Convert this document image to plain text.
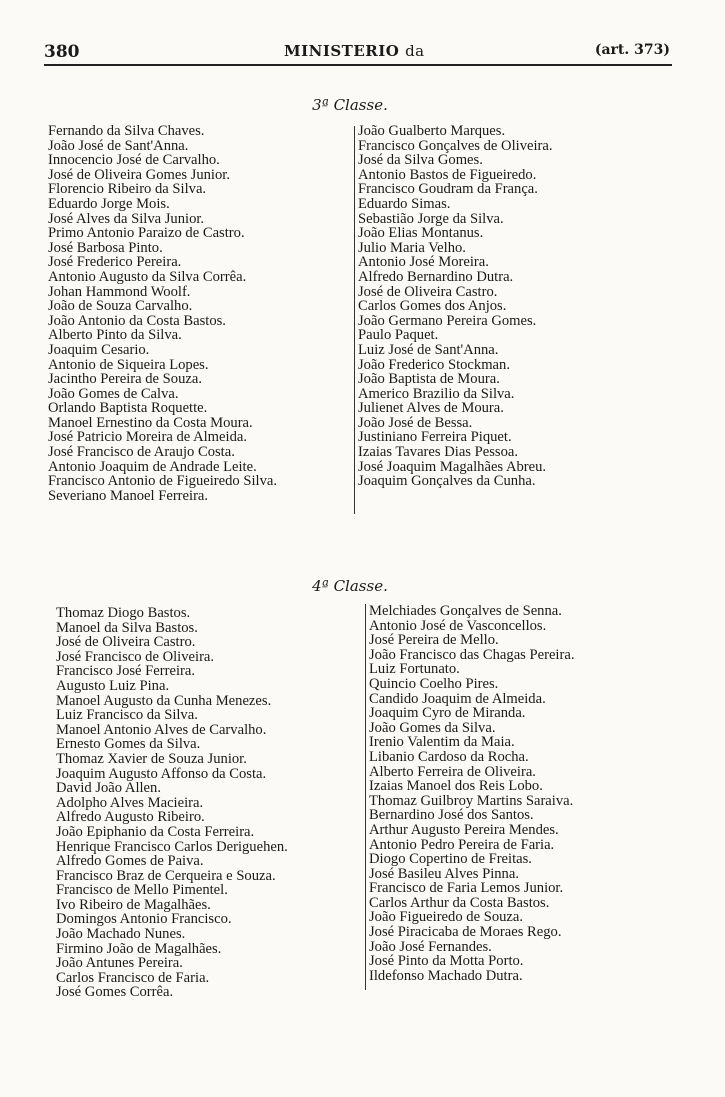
380	MINISTERIO da	(art. 373)
3ª Classe.
Fernando da Silva Chaves.
João José de Sant'Anna.
Innocencio José de Carvalho.
José de Oliveira Gomes Junior.
Florencio Ribeiro da Silva.
Eduardo Jorge Mois.
José Alves da Silva Junior.
Primo Antonio Paraizo de Castro.
José Barbosa Pinto.
José Frederico Pereira.
Antonio Augusto da Silva Corrêa.
Johan Hammond Woolf.
João de Souza Carvalho.
João Antonio da Costa Bastos.
Alberto Pinto da Silva.
Joaquim Cesario.
Antonio de Siqueira Lopes.
Jacintho Pereira de Souza.
João Gomes de Calva.
Orlando Baptista Roquette.
Manoel Ernestino da Costa Moura.
José Patricio Moreira de Almeida.
José Francisco de Araujo Costa.
Antonio Joaquim de Andrade Leite.
Francisco Antonio de Figueiredo Silva.
Severiano Manoel Ferreira.
João Gualberto Marques.
Francisco Gonçalves de Oliveira.
José da Silva Gomes.
Antonio Bastos de Figueiredo.
Francisco Goudram da França.
Eduardo Simas.
Sebastião Jorge da Silva.
João Elias Montanus.
Julio Maria Velho.
Antonio José Moreira.
Alfredo Bernardino Dutra.
José de Oliveira Castro.
Carlos Gomes dos Anjos.
João Germano Pereira Gomes.
Paulo Paquet.
Luiz José de Sant'Anna.
João Frederico Stockman.
João Baptista de Moura.
Americo Brazilio da Silva.
Julienet Alves de Moura.
João José de Bessa.
Justiniano Ferreira Piquet.
Izaias Tavares Dias Pessoa.
José Joaquim Magalhães Abreu.
Joaquim Gonçalves da Cunha.
4ª Classe.
Thomaz Diogo Bastos.
Manoel da Silva Bastos.
José de Oliveira Castro.
José Francisco de Oliveira.
Francisco José Ferreira.
Augusto Luiz Pina.
Manoel Augusto da Cunha Menezes.
Luiz Francisco da Silva.
Manoel Antonio Alves de Carvalho.
Ernesto Gomes da Silva.
Thomaz Xavier de Souza Junior.
Joaquim Augusto Affonso da Costa.
David João Allen.
Adolpho Alves Macieira.
Alfredo Augusto Ribeiro.
João Epiphanio da Costa Ferreira.
Henrique Francisco Carlos Deriguehen.
Alfredo Gomes de Paiva.
Francisco Braz de Cerqueira e Souza.
Francisco de Mello Pimentel.
Ivo Ribeiro de Magalhães.
Domingos Antonio Francisco.
João Machado Nunes.
Firmino João de Magalhães.
João Antunes Pereira.
Carlos Francisco de Faria.
José Gomes Corrêa.
Melchiades Gonçalves de Senna.
Antonio José de Vasconcellos.
José Pereira de Mello.
João Francisco das Chagas Pereira.
Luiz Fortunato.
Quincio Coelho Pires.
Candido Joaquim de Almeida.
Joaquim Cyro de Miranda.
João Gomes da Silva.
Irenio Valentim da Maia.
Libanio Cardoso da Rocha.
Alberto Ferreira de Oliveira.
Izaias Manoel dos Reis Lobo.
Thomaz Guilbroy Martins Saraiva.
Bernardino José dos Santos.
Arthur Augusto Pereira Mendes.
Antonio Pedro Pereira de Faria.
Diogo Copertino de Freitas.
José Basileu Alves Pinna.
Francisco de Faria Lemos Junior.
Carlos Arthur da Costa Bastos.
João Figueiredo de Souza.
José Piracicaba de Moraes Rego.
João José Fernandes.
José Pinto da Motta Porto.
Ildefonso Machado Dutra.
